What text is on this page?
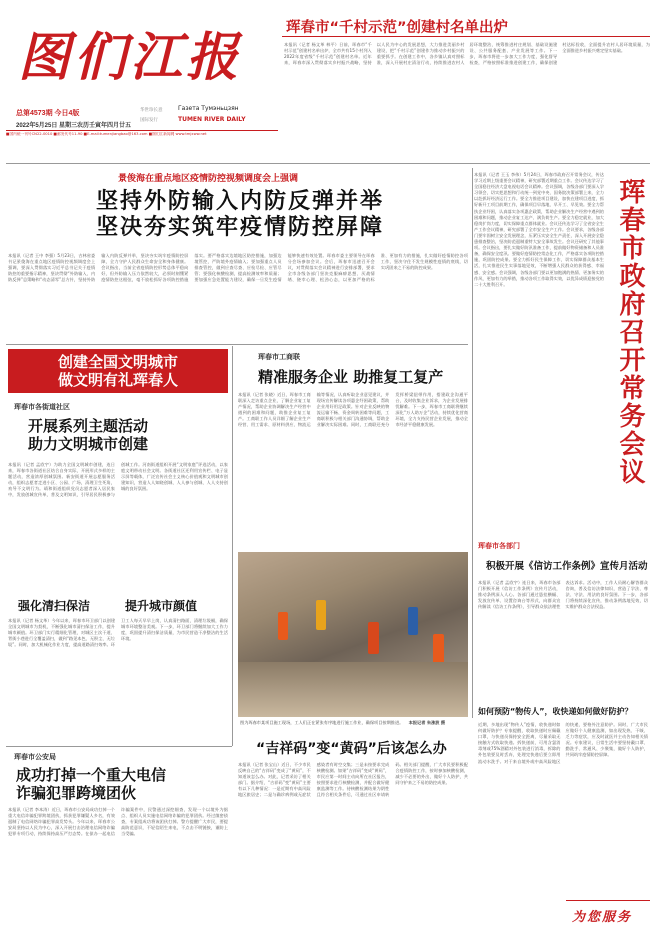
图们江报
总第4573期 今日4版
2022年5月25日 星期三农历壬寅年四月廿五
华世珍长意	Газета Тумэньцзян
国际发行	TUMEN RIVER DAILY
■国内统一刊号CN22-0010 ■邮发代号11-90 ■E-mail:tumenjiangbao@163.com ■图们江新闻网 www.tmjxww.net
珲春市“千村示范”创建村名单出炉
本报讯（记者 杨文革 林平）日前，珲春市“千村示范”创建村名单出炉，全市共有15个村列入2022年度省级“千村示范”创建村名单。近年来，珲春市深入贯彻落实乡村振兴战略，坚持以人民为中心的发展思想，大力推进美丽乡村建设，把“千村示范”创建作为推动乡村振兴的重要抓手。在创建工作中，各乡镇认真对照标准，深入开展村庄清洁行动，持续推进农村人居环境整治，统筹推进村庄规划、基础设施建设、公共服务配套、产业发展等工作。下一步，珲春市将进一步加大工作力度，强化督导检查，严格按照标准推进创建工作，确保创建村达标验收，全面提升农村人居环境质量，为全面推进乡村振兴奠定坚实基础。
景俊海在重点地区疫情防控视频调度会上强调
坚持外防输入内防反弹并举
坚决夯实筑牢疫情防控屏障
本报讯（记者 王中 李强）5月23日，吉林省委书记景俊海在重点地区疫情防控视频调度会上强调，要深入贯彻落实习近平总书记关于疫情防控的重要指示精神，坚决贯彻“外防输入、内防反弹”总策略和“动态清零”总方针，坚持外防输入内防反弹并举，坚决夯实筑牢疫情防控屏障，全力守护人民群众生命安全和身体健康。会议指出，当前全省疫情防控形势总体平稳向好，但外防输入压力依然较大，必须时刻绷紧疫情防控这根弦，毫不放松抓好各项防控措施落实。要严格落实边境地区防控措施，加强边境管控，严防境外疫情输入；要加强重点人员排查管控，做到应查尽查、应检尽检、应管尽管；要强化核酸检测，提高检测效率和质量；要加强应急处置能力建设，确保一旦发生疫情能够快速有效处置。珲春市委主要领导在珲春分会场参加会议。会后，珲春市迅速召开会议，对贯彻落实会议精神进行安排部署，要求全市各级各部门坚决克服麻痹思想、厌战情绪、侥幸心理、松劲心态，以更加严格的标准、更加有力的措施，扎实做好疫情防控各项工作，坚决守住不发生规模性疫情的底线，切实巩固来之不易的防控成果。
本报讯（记者 王玉 李伟）5月24日，珲春市政府召开常务会议，传达学习近期上级重要会议精神，研究部署近期重点工作。会议传达学习了全国稳住经济大盘电视电话会议精神。会议强调，各级各部门要深入学习领会，切实把思想和行动统一到党中央、国务院决策部署上来，全力以赴抓好经济运行工作。要全力推进项目建设，加快在建项目进度，抓好新开工项目前期工作，确保项目早落地、早开工、早见效。要全力帮扶企业纾困，认真落实各项惠企政策，帮助企业解决生产经营中遇到的困难和问题，推动企业复工达产、满负荷生产。要全力稳定就业，加大稳岗扩岗力度，切实保障重点群体就业。会议还传达学习了全省安全生产工作会议精神，研究部署了全市安全生产工作。会议要求，各级各部门要牢固树立安全发展理念，压紧压实安全生产责任，深入开展安全隐患排查整治，坚决防范遏制重特大安全事故发生。会议还研究了其他事项。会议指出，要扎实做好防汛准备工作，提前做好物资储备和人员准备，确保安全度汛。要做好疫情防控常态化工作，严格落实各项防控措施，巩固防控成果。要全力抓好民生保障工作，切实保障群众基本生活，扎实推进民生实事落地见效，不断增强人民群众的获得感、幸福感、安全感。会议强调，各级各部门要以更加饱满的热情、更加务实的作风、更加有力的举措，推动各项工作取得实效，以优异成绩迎接党的二十大胜利召开。	珲春市政府召开常务会议
创建全国文明城市
做文明有礼珲春人
珲春市各街道社区
开展系列主题活动
助力文明城市创建
本报讯（记者 孟欣宇）为助力全国文明城市创建，连日来，珲春市各街道社区结合自身实际，开展形式多样的主题活动，营造浓厚创城氛围。新安街道开展志愿服务活动，组织志愿者走进小区、公园、广场，清理卫生死角，劝导不文明行为。靖和街道组织党员志愿者深入居民家中，发放创城宣传单，普及文明知识，引导居民积极参与创城工作。河南街道组织开展“文明家庭”评选活动，以家庭文明带动社会文明。各街道社区还利用宣传栏、电子显示屏等载体，广泛宣传社会主义核心价值观和文明城市创建知识，营造人人知晓创城、人人参与创城、人人支持创城的良好氛围。
强化清扫保洁	提升城市颜值
本报讯（记者 杨文革）今年以来，珲春市环卫部门以创建全国文明城市为契机，不断强化城市清扫保洁工作，提升城市颜值。环卫部门实行精细化管理，对城区主次干道、背街小巷进行全覆盖清扫，做到“路见本色、无积尘、无垃圾”。同时，加大机械化作业力度，提高道路清扫效率。环卫工人每天早早上岗，认真清扫路面，清理垃圾桶，确保城市环境整洁美观。下一步，环卫部门将继续加大工作力度，巩固提升清扫保洁质量，为市民营造干净整洁的生活环境。
珲春市工商联
精准服务企业 助推复工复产
本报讯（记者 张晓）近日，珲春市工商联深入走访重点企业，了解企业复工复产情况，帮助企业协调解决生产经营中遇到的困难和问题，助推企业复工复产。工商联工作人员详细了解企业生产经营、用工需求、原材料供应、物流运输等情况，认真听取企业意见建议，并现场宣传解读各项惠企纾困政策，帮助企业用好用足政策。针对企业反映的物流运输不畅、资金周转困难等问题，工商联积极与相关部门沟通协调，帮助企业解决实际困难。同时，工商联还充分发挥桥梁纽带作用，搭建政企沟通平台，及时收集企业诉求，为企业发展排忧解难。下一步，珲春市工商联将继续深化“万人助万企”活动，持续优化营商环境，全力支持民营企业发展，推动全市经济平稳健康发展。
图为珲春市某项目施工现场，工人们正在紧张有序地进行施工作业，确保项目按期推进。 本报记者 朱涨波 摄
珲春市公安局
成功打掉一个重大电信
诈骗犯罪跨境团伙
本报讯（记者 李本涛）近日，珲春市公安局成功打掉一个重大电信诈骗犯罪跨境团伙，抓获犯罪嫌疑人多名，有效遏制了电信网络诈骗犯罪高发势头。今年以来，珲春市公安局坚持以人民为中心，深入开展打击治理电信网络诈骗犯罪专项行动，持续保持高压严打态势。在侦办一起电信诈骗案件中，民警通过深挖细查，发现一个以境外为据点、组织人员实施电信网络诈骗的犯罪团伙。经过缜密侦查，专案组成功将该团伙打掉。警方提醒广大市民，要提高防范意识，不轻信陌生来电，不点击不明链接，谨防上当受骗。
“吉祥码”变“黄码”后该怎么办
本报讯（记者 张宝山）近日，不少市民反映自己的“吉祥码”变成了“黄码”，不知道该怎么办。对此，记者采访了相关部门。据介绍，“吉祥码”变“黄码”主要有以下几种情况：一是近期有中高风险地区旅居史；二是与确诊病例或无症状感染者有时空交集；三是未按要求完成核酸检测。如果“吉祥码”变成“黄码”，市民应第一时间主动向所在社区报告，按照要求进行核酸检测，并配合做好健康监测等工作。待核酸检测结果为阴性且符合相关条件后，可通过社区申请转码。相关部门提醒，广大市民要积极配合疫情防控工作，按时参加核酸检测，减少不必要的外出，做好个人防护，共同守护来之不易的防控成果。
珲春市各部门
积极开展《信访工作条例》宣传月活动
本报讯（记者 孟欣宇）连日来，珲春市各部门积极开展《信访工作条例》宣传月活动，推动条例深入人心。各部门通过悬挂横幅、发放宣传单、设置咨询台等形式，向群众宣传解读《信访工作条例》，引导群众依法理性表达诉求。活动中，工作人员耐心解答群众咨询，普及信访法律知识，营造了学法、尊法、守法、用法的良好氛围。下一步，各部门将持续深化宣传，推动条例落地见效，切实维护群众合法权益。
如何预防“物传人”，收快递如何做好防护？
近期，多地出现“物传人”疫情，收快递时如何做好防护？专家提醒，收取快递时应佩戴口罩，与快递员保持安全距离，尽量采取无接触方式收取快递。拆快递前，可用含氯消毒剂或75%酒精对外包装进行消毒，拆除的外包装要及时丢弃，处理完快递后要立即用流动水洗手。对于来自境外或中高风险地区的快递，要格外注意防护。同时，广大市民应做好个人健康监测，如出现发热、干咳、乏力等症状，应及时就医并主动告知相关情况。专家建议，日常生活中要坚持戴口罩、勤洗手、常通风、少聚集，做好个人防护，共同筑牢疫情防控屏障。
为您服务
